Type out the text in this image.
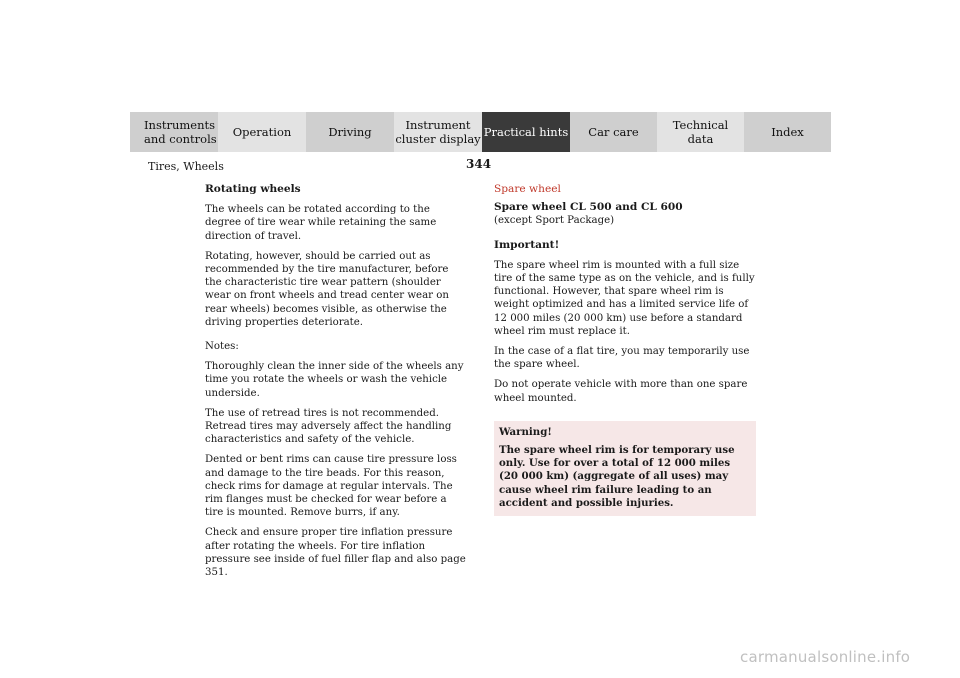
Instruments
and controls Operation	Driving	Instrument
cluster display Practical hints Car care	Technical
data	Index
344
Tires, Wheels
Rotating wheels

The wheels can be rotated according to the degree of tire wear while retaining the same direction of travel.

Rotating, however, should be carried out as recommended by the tire manufacturer, before the characteristic tire wear pattern (shoulder wear on front wheels and tread center wear on rear wheels) becomes visible, as otherwise the driving properties deteriorate.

Notes:

Thoroughly clean the inner side of the wheels any time you rotate the wheels or wash the vehicle underside.

The use of retread tires is not recommended. Retread tires may adversely affect the handling characteristics and safety of the vehicle.

Dented or bent rims can cause tire pressure loss and damage to the tire beads. For this reason, check rims for damage at regular intervals. The rim flanges must be checked for wear before a tire is mounted. Remove burrs, if any.

Check and ensure proper tire inflation pressure after rotating the wheels. For tire inflation pressure see inside of fuel filler flap and also page 351.

Spare wheel
Spare wheel CL 500 and CL 600

(except Sport Package)

Important!

The spare wheel rim is mounted with a full size tire of the same type as on the vehicle, and is fully functional. However, that spare wheel rim is weight optimized and has a limited service life of 12 000 miles (20 000 km) use before a standard wheel rim must replace it.

In the case of a flat tire, you may temporarily use the spare wheel.

Do not operate vehicle with more than one spare wheel mounted.

Warning!
The spare wheel rim is for temporary use only. Use for over a total of 12 000 miles (20 000 km) (aggregate of all uses) may cause wheel rim failure leading to an accident and possible injuries.
carmanualsonline.info
